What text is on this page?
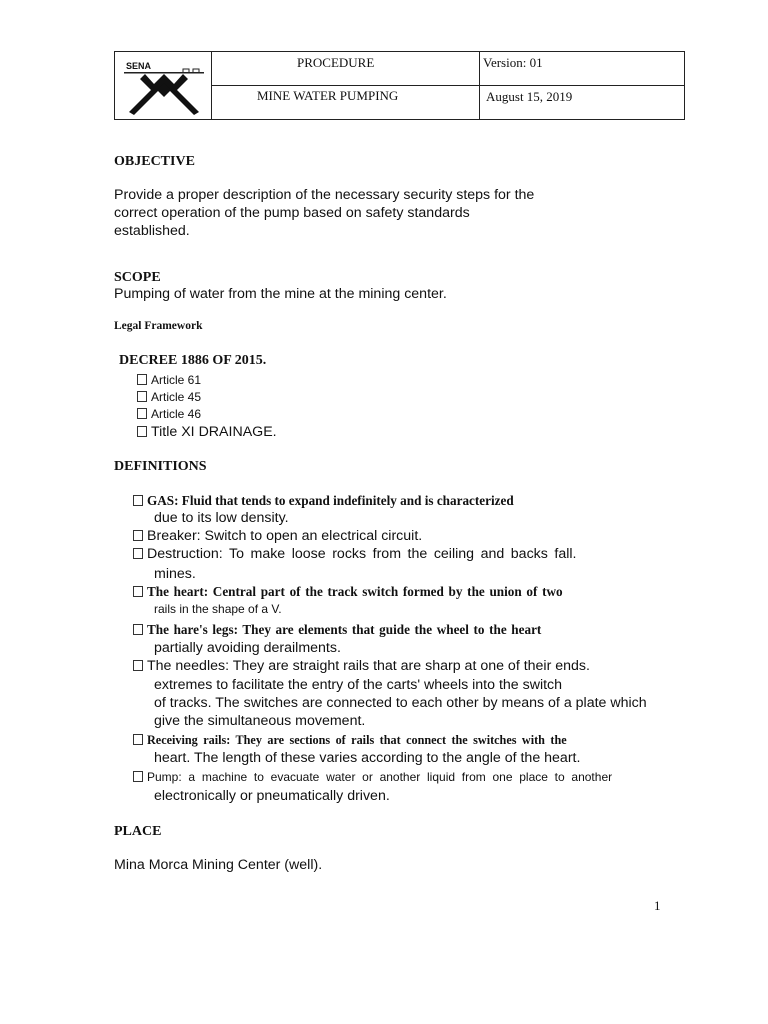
SENA	PROCEDURE	Version: 01
MINE WATER PUMPING	August 15, 2019
OBJECTIVE
Provide a proper description of the necessary security steps for the
correct operation of the pump based on safety standards
established.
SCOPE
Pumping of water from the mine at the mining center.
Legal Framework
DECREE 1886 OF 2015.
Article 61
Article 45
Article 46
Title XI DRAINAGE.
DEFINITIONS
GAS: Fluid that tends to expand indefinitely and is characterized
due to its low density.
Breaker: Switch to open an electrical circuit.
Destruction: To make loose rocks from the ceiling and backs fall.
mines.
The heart: Central part of the track switch formed by the union of two
rails in the shape of a V.
The hare's legs: They are elements that guide the wheel to the heart
partially avoiding derailments.
The needles: They are straight rails that are sharp at one of their ends.
extremes to facilitate the entry of the carts' wheels into the switch
of tracks. The switches are connected to each other by means of a plate which
give the simultaneous movement.
Receiving rails: They are sections of rails that connect the switches with the
heart. The length of these varies according to the angle of the heart.
Pump: a machine to evacuate water or another liquid from one place to another
electronically or pneumatically driven.
PLACE
Mina Morca Mining Center (well).
1
